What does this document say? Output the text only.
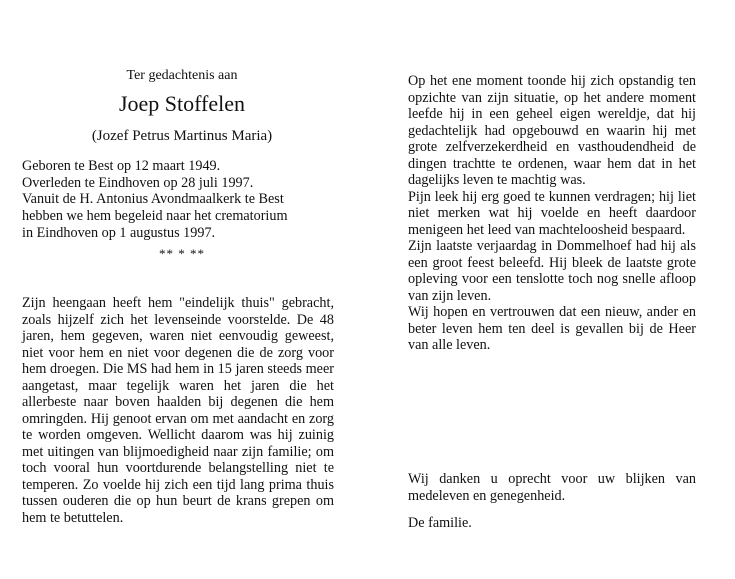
Ter gedachtenis aan
Joep Stoffelen
(Jozef Petrus Martinus Maria)
Geboren te Best op 12 maart 1949.
Overleden te Eindhoven op 28 juli 1997.
Vanuit de H. Antonius Avondmaalkerk te Best
hebben we hem begeleid naar het crematorium
in Eindhoven op 1 augustus 1997.
** * **
Zijn heengaan heeft hem "eindelijk thuis" gebracht, zoals hijzelf zich het levenseinde voorstelde. De 48 jaren, hem gegeven, waren niet eenvoudig geweest, niet voor hem en niet voor degenen die de zorg voor hem droegen. Die MS had hem in 15 jaren steeds meer aangetast, maar tegelijk waren het jaren die het allerbeste naar boven haalden bij degenen die hem omringden. Hij genoot ervan om met aandacht en zorg te worden omgeven. Wellicht daarom was hij zuinig met uitingen van blijmoedigheid naar zijn familie; om toch vooral hun voortdurende belangstelling niet te temperen. Zo voelde hij zich een tijd lang prima thuis tussen ouderen die op hun beurt de krans grepen om hem te betuttelen.

Op het ene moment toonde hij zich opstandig ten opzichte van zijn situatie, op het andere moment leefde hij in een geheel eigen wereldje, dat hij gedachtelijk had opgebouwd en waarin hij met grote zelfverzekerdheid en vasthoudendheid de dingen trachtte te ordenen, waar hem dat in het dagelijks leven te machtig was.

Pijn leek hij erg goed te kunnen verdragen; hij liet niet merken wat hij voelde en heeft daardoor menigeen het leed van machteloosheid bespaard.

Zijn laatste verjaardag in Dommelhoef had hij als een groot feest beleefd. Hij bleek de laatste grote opleving voor een tenslotte toch nog snelle afloop van zijn leven.

Wij hopen en vertrouwen dat een nieuw, ander en beter leven hem ten deel is gevallen bij de Heer van alle leven.

Wij danken u oprecht voor uw blijken van medeleven en genegenheid.
De familie.
